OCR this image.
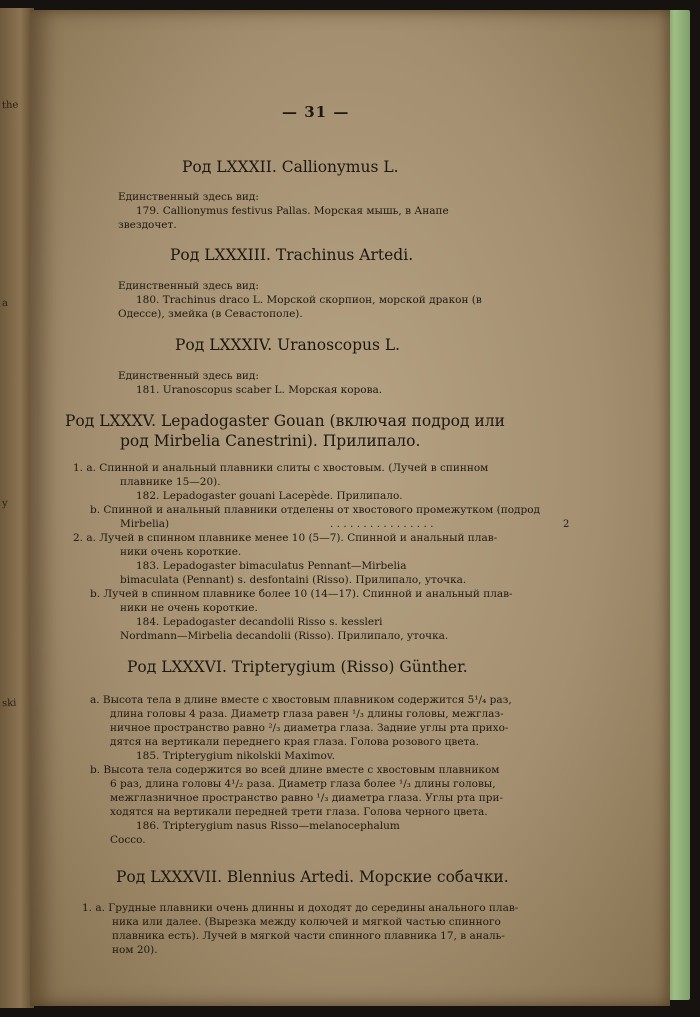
the
a
y
ski
— 31 —
Род LXXXII. Callionymus L.
Единственный здесь вид:
179. Callionymus festivus Pallas. Морская мышь, в Анапе
звездочет.
Род LXXXIII. Trachinus Artedi.
Единственный здесь вид:
180. Trachinus draco L. Морской скорпион, морской дракон (в
Одессе), змейка (в Севастополе).
Род LXXXIV. Uranoscopus L.
Единственный здесь вид:
181. Uranoscopus scaber L. Морская корова.
Род LXXXV. Lepadogaster Gouan (включая подрод или
род Mirbelia Canestrini). Прилипало.
1. a. Спинной и анальный плавники слиты с хвостовым. (Лучей в спинном
плавнике 15—20).
182. Lepadogaster gouani Lacepède. Прилипало.
b. Спинной и анальный плавники отделены от хвостового промежутком (подрод
Mirbelia)	. . . . . . . . . . . . . . . .	2
2. a. Лучей в спинном плавнике менее 10 (5—7). Спинной и анальный плав-
ники очень короткие.
183. Lepadogaster bimaculatus Pennant—Mirbelia
bimaculata (Pennant) s. desfontaini (Risso). Прилипало, уточка.
b. Лучей в спинном плавнике более 10 (14—17). Спинной и анальный плав-
ники не очень короткие.
184. Lepadogaster decandolii Risso s. kessleri
Nordmann—Mirbelia decandolii (Risso). Прилипало, уточка.
Род LXXXVI. Tripterygium (Risso) Günther.
a. Высота тела в длине вместе с хвостовым плавником содержится 5¹/₄ раз,
длина головы 4 раза. Диаметр глаза равен ¹/₃ длины головы, межглаз-
ничное пространство равно ²/₃ диаметра глаза. Задние углы рта прихо-
дятся на вертикали переднего края глаза. Голова розового цвета.
185. Tripterygium nikolskii Maximov.
b. Высота тела содержится во всей длине вместе с хвостовым плавником
6 раз, длина головы 4¹/₂ раза. Диаметр глаза более ¹/₃ длины головы,
межглазничное пространство равно ¹/₃ диаметра глаза. Углы рта при-
ходятся на вертикали передней трети глаза. Голова черного цвета.
186. Tripterygium nasus Risso—melanocephalum
Cocco.
Род LXXXVII. Blennius Artedi. Морские собачки.
1. a. Грудные плавники очень длинны и доходят до середины анального плав-
ника или далее. (Вырезка между колючей и мягкой частью спинного
плавника есть). Лучей в мягкой части спинного плавника 17, в аналь-
ном 20).
